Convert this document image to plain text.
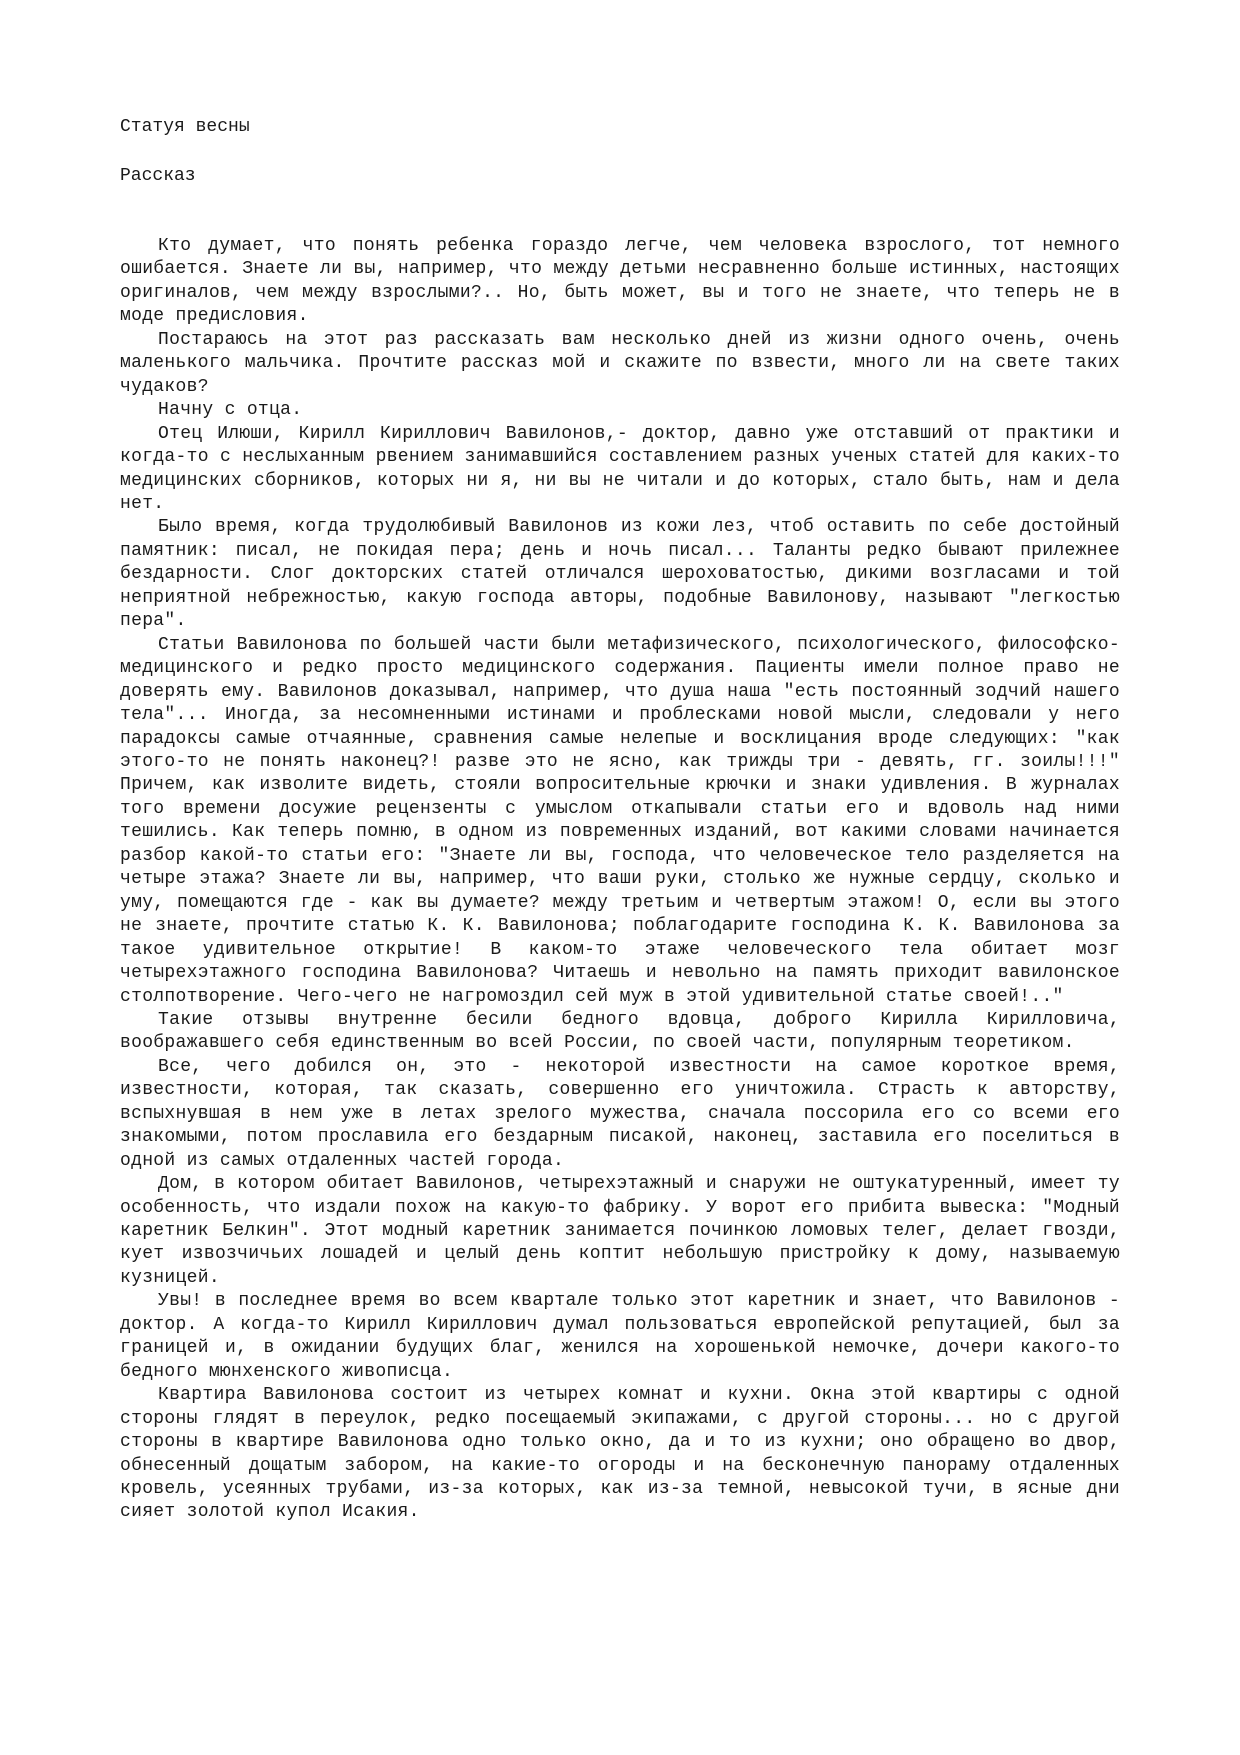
Статуя весны
Рассказ

Кто думает, что понять ребенка гораздо легче, чем человека взрослого, тот немного ошибается. Знаете ли вы, например, что между детьми несравненно больше истинных, настоящих оригиналов, чем между взрослыми?.. Но, быть может, вы и того не знаете, что теперь не в моде предисловия.

Постараюсь на этот раз рассказать вам несколько дней из жизни одного очень, очень маленького мальчика. Прочтите рассказ мой и скажите по взвести, много ли на свете таких чудаков?

Начну с отца.

Отец Илюши, Кирилл Кириллович Вавилонов,- доктор, давно уже отставший от практики и когда-то с неслыханным рвением занимавшийся составлением разных ученых статей для каких-то медицинских сборников, которых ни я, ни вы не читали и до которых, стало быть, нам и дела нет.

Было время, когда трудолюбивый Вавилонов из кожи лез, чтоб оставить по себе достойный памятник: писал, не покидая пера; день и ночь писал... Таланты редко бывают прилежнее бездарности. Слог докторских статей отличался шероховатостью, дикими возгласами и той неприятной небрежностью, какую господа авторы, подобные Вавилонову, называют "легкостью пера".

Статьи Вавилонова по большей части были метафизического, психологического, философско-медицинского и редко просто медицинского содержания. Пациенты имели полное право не доверять ему. Вавилонов доказывал, например, что душа наша "есть постоянный зодчий нашего тела"... Иногда, за несомненными истинами и проблесками новой мысли, следовали у него парадоксы самые отчаянные, сравнения самые нелепые и восклицания вроде следующих: "как этого-то не понять наконец?! разве это не ясно, как трижды три - девять, гг. зоилы!!!" Причем, как изволите видеть, стояли вопросительные крючки и знаки удивления. В журналах того времени досужие рецензенты с умыслом откапывали статьи его и вдоволь над ними тешились. Как теперь помню, в одном из повременных изданий, вот какими словами начинается разбор какой-то статьи его: "Знаете ли вы, господа, что человеческое тело разделяется на четыре этажа? Знаете ли вы, например, что ваши руки, столько же нужные сердцу, сколько и уму, помещаются где - как вы думаете? между третьим и четвертым этажом! О, если вы этого не знаете, прочтите статью К. К. Вавилонова; поблагодарите господина К. К. Вавилонова за такое удивительное открытие! В каком-то этаже человеческого тела обитает мозг четырехэтажного господина Вавилонова? Читаешь и невольно на память приходит вавилонское столпотворение. Чего-чего не нагромоздил сей муж в этой удивительной статье своей!.."

Такие отзывы внутренне бесили бедного вдовца, доброго Кирилла Кирилловича, воображавшего себя единственным во всей России, по своей части, популярным теоретиком.

Все, чего добился он, это - некоторой известности на самое короткое время, известности, которая, так сказать, совершенно его уничтожила. Страсть к авторству, вспыхнувшая в нем уже в летах зрелого мужества, сначала поссорила его со всеми его знакомыми, потом прославила его бездарным писакой, наконец, заставила его поселиться в одной из самых отдаленных частей города.

Дом, в котором обитает Вавилонов, четырехэтажный и снаружи не оштукатуренный, имеет ту особенность, что издали похож на какую-то фабрику. У ворот его прибита вывеска: "Модный каретник Белкин". Этот модный каретник занимается починкою ломовых телег, делает гвозди, кует извозчичьих лошадей и целый день коптит небольшую пристройку к дому, называемую кузницей.

Увы! в последнее время во всем квартале только этот каретник и знает, что Вавилонов - доктор. А когда-то Кирилл Кириллович думал пользоваться европейской репутацией, был за границей и, в ожидании будущих благ, женился на хорошенькой немочке, дочери какого-то бедного мюнхенского живописца.

Квартира Вавилонова состоит из четырех комнат и кухни. Окна этой квартиры с одной стороны глядят в переулок, редко посещаемый экипажами, с другой стороны... но с другой стороны в квартире Вавилонова одно только окно, да и то из кухни; оно обращено во двор, обнесенный дощатым забором, на какие-то огороды и на бесконечную панораму отдаленных кровель, усеянных трубами, из-за которых, как из-за темной, невысокой тучи, в ясные дни сияет золотой купол Исакия.
